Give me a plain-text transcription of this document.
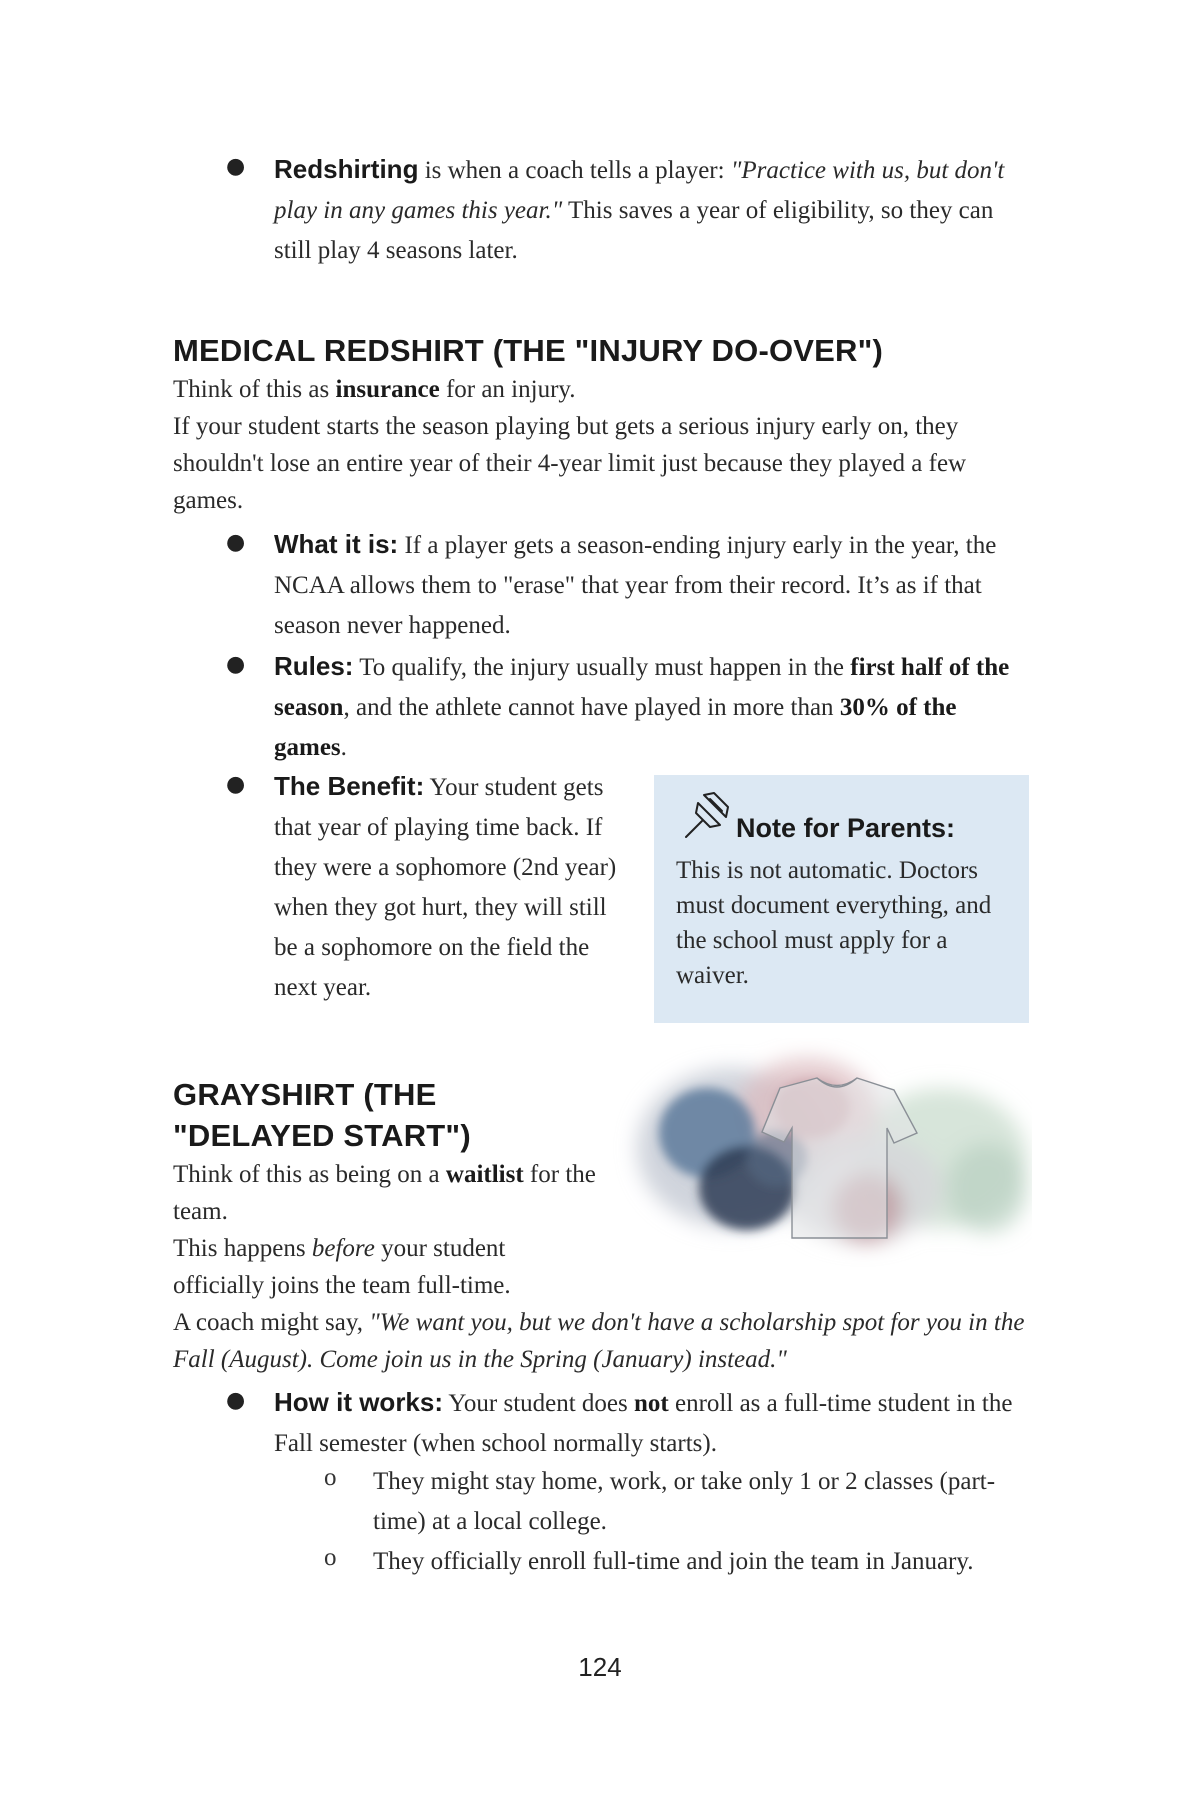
● Redshirting is when a coach tells a player: "Practice with us, but don't play in any games this year." This saves a year of eligibility, so they can still play 4 seasons later.

MEDICAL REDSHIRT (THE "INJURY DO-OVER")

Think of this as insurance for an injury.

If your student starts the season playing but gets a serious injury early on, they shouldn't lose an entire year of their 4-year limit just because they played a few games.

● What it is: If a player gets a season-ending injury early in the year, the NCAA allows them to "erase" that year from their record. It’s as if that season never happened.

● Rules: To qualify, the injury usually must happen in the first half of the season, and the athlete cannot have played in more than 30% of the games.

● The Benefit: Your student gets that year of playing time back. If they were a sophomore (2nd year) when they got hurt, they will still be a sophomore on the field the next year.

Note for Parents:
This is not automatic. Doctors must document everything, and the school must apply for a waiver.
GRAYSHIRT (THE
"DELAYED START")

Think of this as being on a waitlist for the team.

This happens before your student officially joins the team full-time.

A coach might say, "We want you, but we don't have a scholarship spot for you in the Fall (August). Come join us in the Spring (January) instead."

● How it works: Your student does not enroll as a full-time student in the Fall semester (when school normally starts).

o They might stay home, work, or take only 1 or 2 classes (part-time) at a local college.

o They officially enroll full-time and join the team in January.

124
